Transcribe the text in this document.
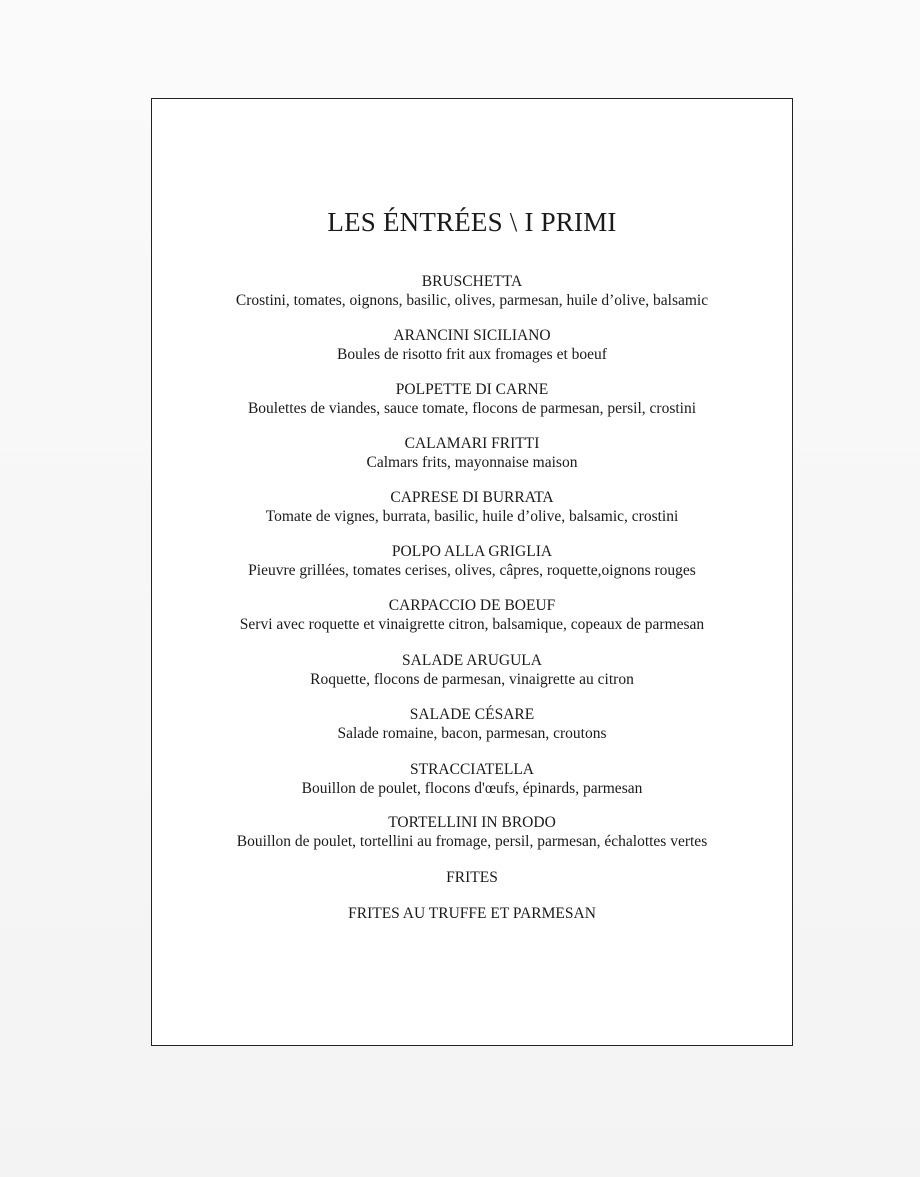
LES ÉNTRÉES \ I PRIMI
BRUSCHETTA
Crostini, tomates, oignons, basilic, olives, parmesan, huile d’olive, balsamic
ARANCINI SICILIANO
Boules de risotto frit aux fromages et boeuf
POLPETTE DI CARNE
Boulettes de viandes, sauce tomate, flocons de parmesan, persil, crostini
CALAMARI FRITTI
Calmars frits, mayonnaise maison
CAPRESE DI BURRATA
Tomate de vignes, burrata, basilic, huile d’olive, balsamic, crostini
POLPO ALLA GRIGLIA
Pieuvre grillées, tomates cerises, olives, câpres, roquette,oignons rouges
CARPACCIO DE BOEUF
Servi avec roquette et vinaigrette citron, balsamique, copeaux de parmesan
SALADE ARUGULA
Roquette, flocons de parmesan, vinaigrette au citron
SALADE CÉSARE
Salade romaine, bacon, parmesan, croutons
STRACCIATELLA
Bouillon de poulet, flocons d'œufs, épinards, parmesan
TORTELLINI IN BRODO
Bouillon de poulet, tortellini au fromage, persil, parmesan, échalottes vertes
FRITES
FRITES AU TRUFFE ET PARMESAN
